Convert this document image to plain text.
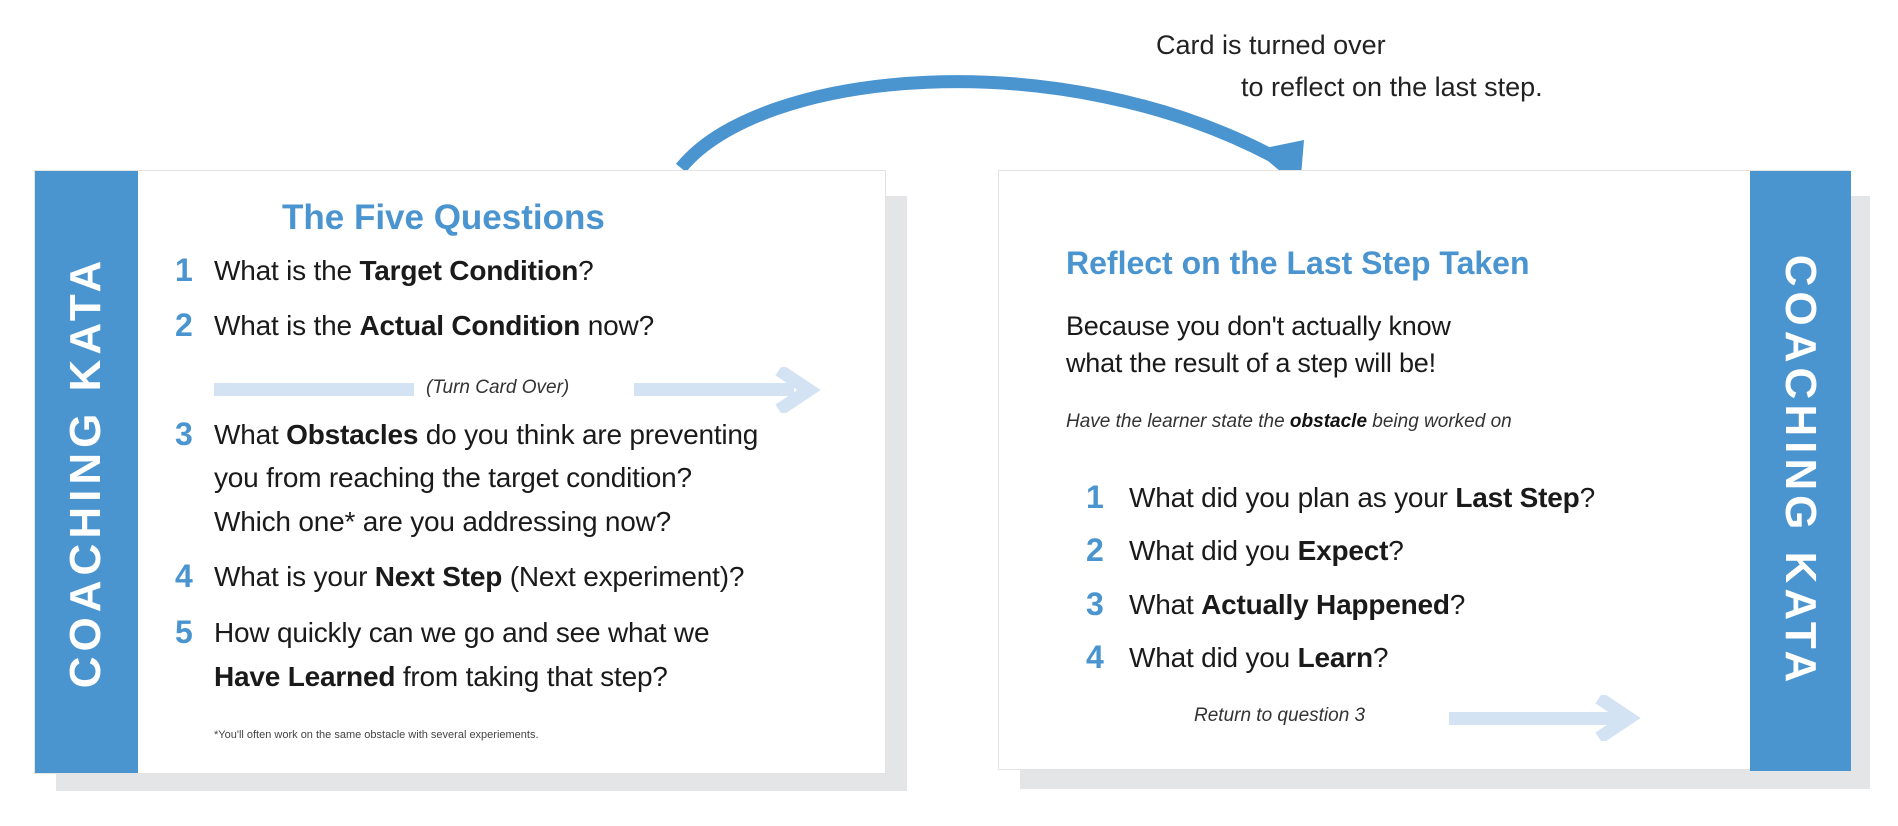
Card is turned over
to reflect on the last step.
COACHING KATA
The Five Questions
1 What is the Target Condition?
2 What is the Actual Condition now?
(Turn Card Over)
3 What Obstacles do you think are preventing
you from reaching the target condition?
Which one* are you addressing now?
4 What is your Next Step (Next experiment)?
5 How quickly can we go and see what we
Have Learned from taking that step?
*You'll often work on the same obstacle with several experiements.
COACHING KATA
Reflect on the Last Step Taken
Because you don't actually know
what the result of a step will be!
Have the learner state the obstacle being worked on
1 What did you plan as your Last Step?
2 What did you Expect?
3 What Actually Happened?
4 What did you Learn?
Return to question 3
